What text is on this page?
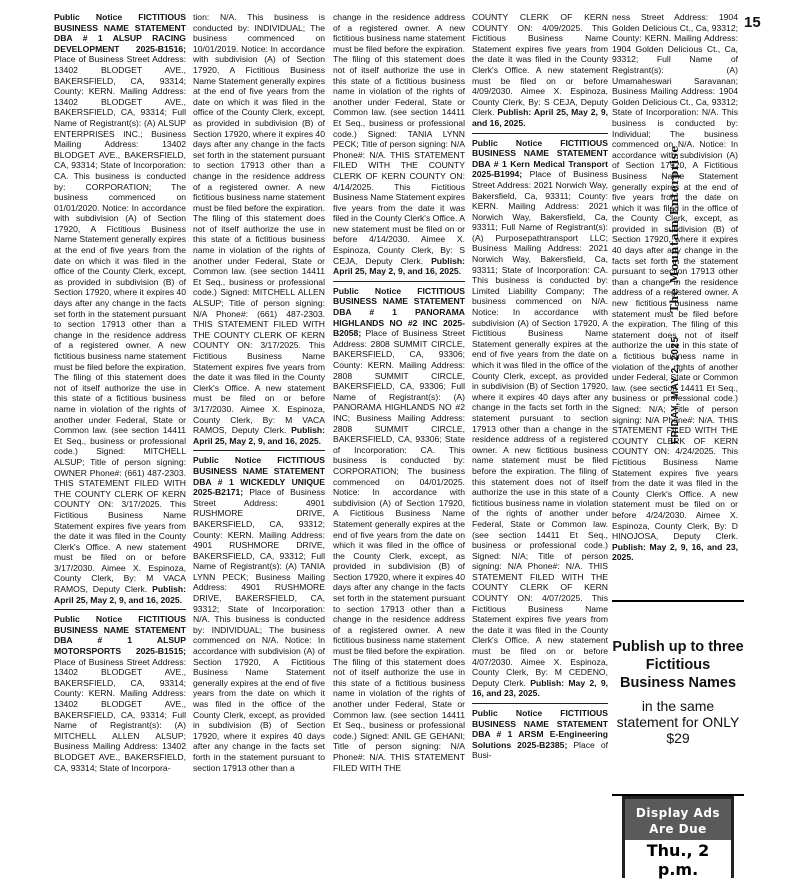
Public Notice FICTITIOUS BUSINESS NAME STATEMENT DBA # 1 ALSUP RACING DEVELOPMENT 2025-B1516; Place of Business Street Address: 13402 BLODGET AVE., BAKERSFIELD, CA, 93314; County: KERN. Mailing Address: 13402 BLODGET AVE., BAKERSFIELD, CA, 93314; Full Name of Registrant(s): (A) ALSUP ENTERPRISES INC.; Business Mailing Address: 13402 BLODGET AVE., BAKERSFIELD, CA, 93314; State of Incorporation: CA. This business is conducted by: CORPORATION; The business commenced on 01/01/2020. Notice: In accordance with subdivision (A) of Section 17920, A Fictitious Business Name Statement generally expires at the end of five years from the date on which it was filed in the office of the County Clerk, except, as provided in subdivision (B) of Section 17920, where it expires 40 days after any change in the facts set forth in the statement pursuant to section 17913 other than a change in the residence address of a registered owner. A new fictitious business name statement must be filed before the expiration. The filing of this statement does not of itself authorize the use in this state of a fictitious business name in violation of the rights of another under Federal, State or Common law. (see section 14411 Et Seq., business or professional code.) Signed: MITCHELL ALSUP; Title of person signing: OWNER Phone#: (661) 487-2303. THIS STATEMENT FILED WITH THE COUNTY CLERK OF KERN COUNTY ON: 3/17/2025. This Fictitious Business Name Statement expires five years from the date it was filed in the County Clerk's Office. A new statement must be filed on or before 3/17/2030. Aimee X. Espinoza, County Clerk, By: M VACA RAMOS, Deputy Clerk. Publish: April 25, May 2, 9, and 16, 2025.

Public Notice FICTITIOUS BUSINESS NAME STATEMENT DBA # 1 ALSUP MOTORSPORTS 2025-B1515; Place of Business Street Address: 13402 BLODGET AVE., BAKERSFIELD, CA, 93314; County: KERN. Mailing Address: 13402 BLODGET AVE., BAKERSFIELD, CA, 93314; Full Name of Registrant(s): (A) MITCHELL ALLEN ALSUP; Business Mailing Address: 13402 BLODGET AVE., BAKERSFIELD, CA, 93314; State of Incorpora-

tion: N/A. This business is conducted by: INDIVIDUAL; The business commenced on 10/01/2019. Notice: In accordance with subdivision (A) of Section 17920, A Fictitious Business Name Statement generally expires at the end of five years from the date on which it was filed in the office of the County Clerk, except, as provided in subdivision (B) of Section 17920, where it expires 40 days after any change in the facts set forth in the statement pursuant to section 17913 other than a change in the residence address of a registered owner. A new fictitious business name statement must be filed before the expiration. The filing of this statement does not of itself authorize the use in this state of a fictitious business name in violation of the rights of another under Federal, State or Common law. (see section 14411 Et Seq., business or professional code.) Signed: MITCHELL ALLEN ALSUP; Title of person signing: N/A Phone#: (661) 487-2303. THIS STATEMENT FILED WITH THE COUNTY CLERK OF KERN COUNTY ON: 3/17/2025. This Fictitious Business Name Statement expires five years from the date it was filed in the County Clerk's Office. A new statement must be filed on or before 3/17/2030. Aimee X. Espinoza, County Clerk, By: M VACA RAMOS, Deputy Clerk. Publish: April 25, May 2, 9, and 16, 2025.

Public Notice FICTITIOUS BUSINESS NAME STATEMENT DBA # 1 WICKEDLY UNIQUE 2025-B2171; Place of Business Street Address: 4901 RUSHMORE DRIVE, BAKERSFIELD, CA, 93312; County: KERN. Mailing Address: 4901 RUSHMORE DRIVE, BAKERSFIELD, CA, 93312; Full Name of Registrant(s): (A) TANIA LYNN PECK; Business Mailing Address: 4901 RUSHMORE DRIVE, BAKERSFIELD, CA, 93312; State of Incorporation: N/A. This business is conducted by: INDIVIDUAL; The business commenced on N/A. Notice: In accordance with subdivision (A) of Section 17920, A Fictitious Business Name Statement generally expires at the end of five years from the date on which it was filed in the office of the County Clerk, except, as provided in subdivision (B) of Section 17920, where it expires 40 days after any change in the facts set forth in the statement pursuant to section 17913 other than a

change in the residence address of a registered owner. A new fictitious business name statement must be filed before the expiration. The filing of this statement does not of itself authorize the use in this state of a fictitious business name in violation of the rights of another under Federal, State or Common law. (see section 14411 Et Seq., business or professional code.) Signed: TANIA LYNN PECK; Title of person signing: N/A Phone#: N/A. THIS STATEMENT FILED WITH THE COUNTY CLERK OF KERN COUNTY ON: 4/14/2025. This Fictitious Business Name Statement expires five years from the date it was filed in the County Clerk's Office. A new statement must be filed on or before 4/14/2030. Aimee X. Espinoza, County Clerk, By: S CEJA, Deputy Clerk. Publish: April 25, May 2, 9, and 16, 2025.

Public Notice FICTITIOUS BUSINESS NAME STATEMENT DBA # 1 PANORAMA HIGHLANDS NO #2 INC 2025-B2058; Place of Business Street Address: 2808 SUMMIT CIRCLE, BAKERSFIELD, CA, 93306; County: KERN. Mailing Address: 2808 SUMMIT CIRCLE, BAKERSFIELD, CA, 93306; Full Name of Registrant(s): (A) PANORAMA HIGHLANDS NO #2 INC; Business Mailing Address: 2808 SUMMIT CIRCLE, BAKERSFIELD, CA, 93306; State of Incorporation: CA. This business is conducted by: CORPORATION; The business commenced on 04/01/2025. Notice: In accordance with subdivision (A) of Section 17920, A Fictitious Business Name Statement generally expires at the end of five years from the date on which it was filed in the office of the County Clerk, except, as provided in subdivision (B) of Section 17920, where it expires 40 days after any change in the facts set forth in the statement pursuant to section 17913 other than a change in the residence address of a registered owner. A new fictitious business name statement must be filed before the expiration. The filing of this statement does not of itself authorize the use in this state of a fictitious business name in violation of the rights of another under Federal, State or Common law. (see section 14411 Et Seq., business or professional code.) Signed: ANIL GE GEHANI; Title of person signing: N/A Phone#: N/A. THIS STATEMENT FILED WITH THE

COUNTY CLERK OF KERN COUNTY ON: 4/09/2025. This Fictitious Business Name Statement expires five years from the date it was filed in the County Clerk's Office. A new statement must be filed on or before 4/09/2030. Aimee X. Espinoza, County Clerk, By: S CEJA, Deputy Clerk. Publish: April 25, May 2, 9, and 16, 2025.

Public Notice FICTITIOUS BUSINESS NAME STATEMENT DBA # 1 Kern Medical Transport 2025-B1994; Place of Business Street Address: 2021 Norwich Way, Bakersfield, Ca, 93311; County: KERN. Mailing Address: 2021 Norwich Way, Bakersfield, Ca, 93311; Full Name of Registrant(s): (A) Purposepathtransport LLC; Business Mailing Address: 2021 Norwich Way, Bakersfield, Ca, 93311; State of Incorporation: CA. This business is conducted by: Limited Liability Company; The business commenced on N/A. Notice: In accordance with subdivision (A) of Section 17920, A Fictitious Business Name Statement generally expires at the end of five years from the date on which it was filed in the office of the County Clerk, except, as provided in subdivision (B) of Section 17920, where it expires 40 days after any change in the facts set forth in the statement pursuant to section 17913 other than a change in the residence address of a registered owner. A new fictitious business name statement must be filed before the expiration. The filing of this statement does not of itself authorize the use in this state of a fictitious business name in violation of the rights of another under Federal, State or Common law. (see section 14411 Et Seq., business or professional code.) Signed: N/A; Title of person signing: N/A Phone#: N/A. THIS STATEMENT FILED WITH THE COUNTY CLERK OF KERN COUNTY ON: 4/07/2025. This Fictitious Business Name Statement expires five years from the date it was filed in the County Clerk's Office. A new statement must be filed on or before 4/07/2030. Aimee X. Espinoza, County Clerk, By: M CEDENO, Deputy Clerk. Publish: May 2, 9, 16, and 23, 2025.

Public Notice FICTITIOUS BUSINESS NAME STATEMENT DBA # 1 ARSM E-Engineering Solutions 2025-B2385; Place of Busi-

ness Street Address: 1904 Golden Delicious Ct., Ca, 93312; County: KERN. Mailing Address: 1904 Golden Delicious Ct., Ca, 93312; Full Name of Registrant(s): (A) Umamaheswari Saravanan; Business Mailing Address: 1904 Golden Delicious Ct., Ca, 93312; State of Incorporation: N/A. This business is conducted by: Individual; The business commenced on N/A. Notice: In accordance with subdivision (A) of Section 17920, A Fictitious Business Name Statement generally expires at the end of five years from the date on which it was filed in the office of the County Clerk, except, as provided in subdivision (B) of Section 17920, where it expires 40 days after any change in the facts set forth in the statement pursuant to section 17913 other than a change in the residence address of a registered owner. A new fictitious business name statement must be filed before the expiration. The filing of this statement does not of itself authorize the use in this state of a fictitious business name in violation of the rights of another under Federal, State or Common law. (see section 14411 Et Seq., business or professional code.) Signed: N/A; Title of person signing: N/A Phone#: N/A. THIS STATEMENT FILED WITH THE COUNTY CLERK OF KERN COUNTY ON: 4/24/2025. This Fictitious Business Name Statement expires five years from the date it was filed in the County Clerk's Office. A new statement must be filed on or before 4/24/2030. Aimee X. Espinoza, County Clerk, By: D HINOJOSA, Deputy Clerk. Publish: May 2, 9, 16, and 23, 2025.

15
FRIDAY, MAY 2, 2025The Mountain Enterprise
Publish up to three Fictitious Business Names
in the same statement for ONLY $29
Display Ads
Are Due
Thu., 2 p.m.
